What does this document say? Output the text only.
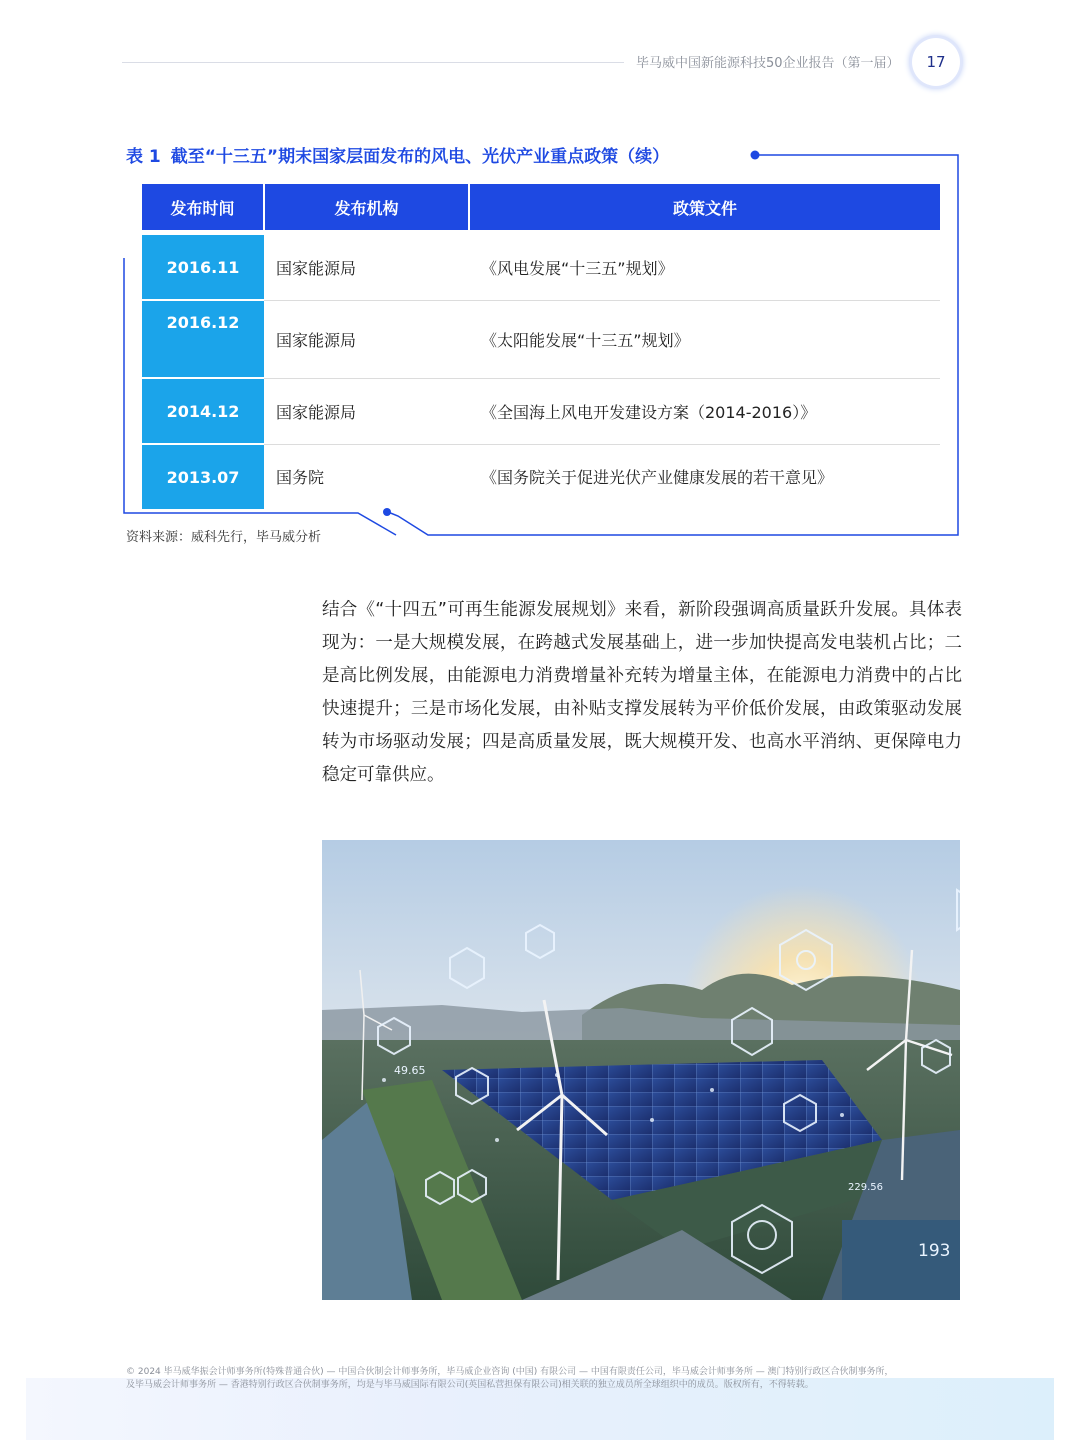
毕马威中国新能源科技50企业报告（第一届） 17
表 1 截至“十三五”期末国家层面发布的风电、光伏产业重点政策（续）
发布时间	发布机构	政策文件
2016.11	国家能源局	《风电发展“十三五”规划》
2016.12	国家能源局	《太阳能发展“十三五”规划》
2014.12	国家能源局	《全国海上风电开发建设方案（2014-2016）》
2013.07	国务院	《国务院关于促进光伏产业健康发展的若干意见》
资料来源：威科先行，毕马威分析

结合《“十四五”可再生能源发展规划》来看，新阶段强调高质量跃升发展。具体表现为：一是大规模发展，在跨越式发展基础上，进一步加快提高发电装机占比；二是高比例发展，由能源电力消费增量补充转为增量主体，在能源电力消费中的占比快速提升；三是市场化发展，由补贴支撑发展转为平价低价发展，由政策驱动发展转为市场驱动发展；四是高质量发展，既大规模开发、也高水平消纳、更保障电力稳定可靠供应。

49.65
229.56
193

© 2024 毕马威华振会计师事务所(特殊普通合伙) — 中国合伙制会计师事务所，毕马威企业咨询 (中国) 有限公司 — 中国有限责任公司，毕马威会计师事务所 — 澳门特别行政区合伙制事务所，
及毕马威会计师事务所 — 香港特别行政区合伙制事务所，均是与毕马威国际有限公司(英国私营担保有限公司)相关联的独立成员所全球组织中的成员。版权所有，不得转载。
